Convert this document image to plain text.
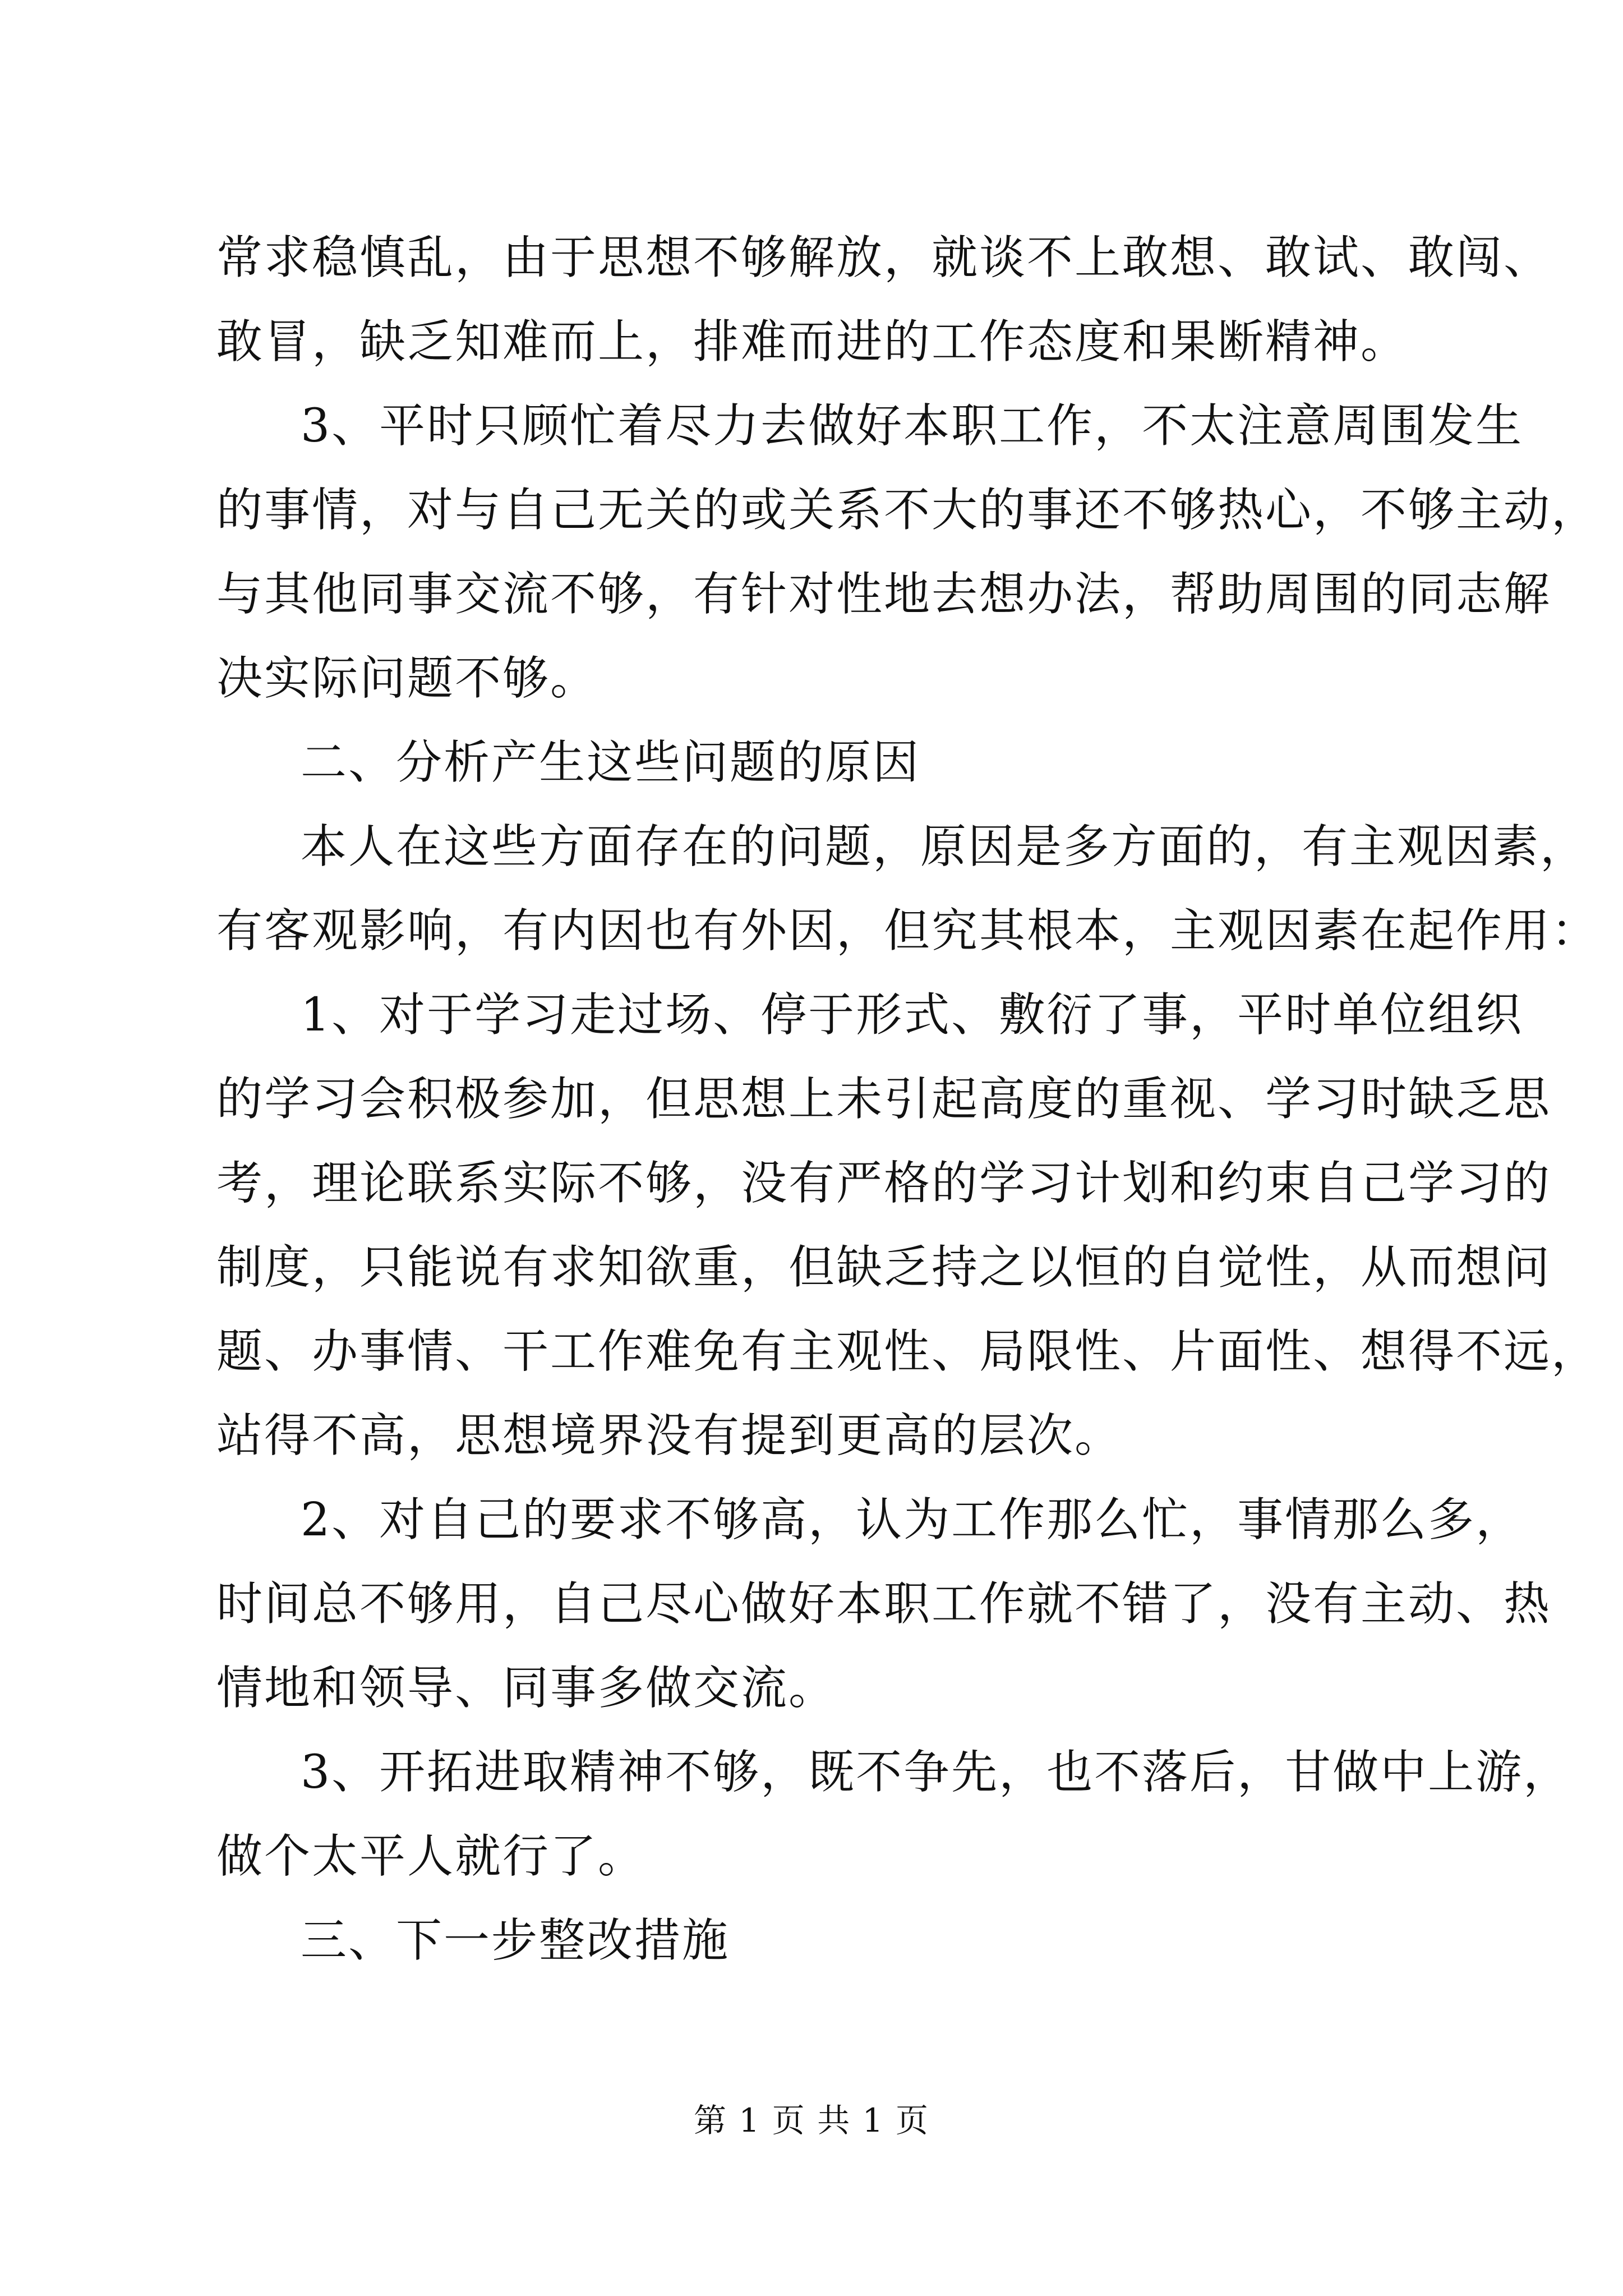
常求稳慎乱，由于思想不够解放，就谈不上敢想、敢试、敢闯、
敢冒，缺乏知难而上，排难而进的工作态度和果断精神。
3、平时只顾忙着尽力去做好本职工作，不太注意周围发生
的事情，对与自己无关的或关系不大的事还不够热心，不够主动，
与其他同事交流不够，有针对性地去想办法，帮助周围的同志解
决实际问题不够。
二、分析产生这些问题的原因
本人在这些方面存在的问题，原因是多方面的，有主观因素，
有客观影响，有内因也有外因，但究其根本，主观因素在起作用：
1、对于学习走过场、停于形式、敷衍了事，平时单位组织
的学习会积极参加，但思想上未引起高度的重视、学习时缺乏思
考，理论联系实际不够，没有严格的学习计划和约束自己学习的
制度，只能说有求知欲重，但缺乏持之以恒的自觉性，从而想问
题、办事情、干工作难免有主观性、局限性、片面性、想得不远，
站得不高，思想境界没有提到更高的层次。
2、对自己的要求不够高，认为工作那么忙，事情那么多，
时间总不够用，自己尽心做好本职工作就不错了，没有主动、热
情地和领导、同事多做交流。
3、开拓进取精神不够，既不争先，也不落后，甘做中上游，
做个太平人就行了。
三、下一步整改措施
第 1 页 共 1 页
